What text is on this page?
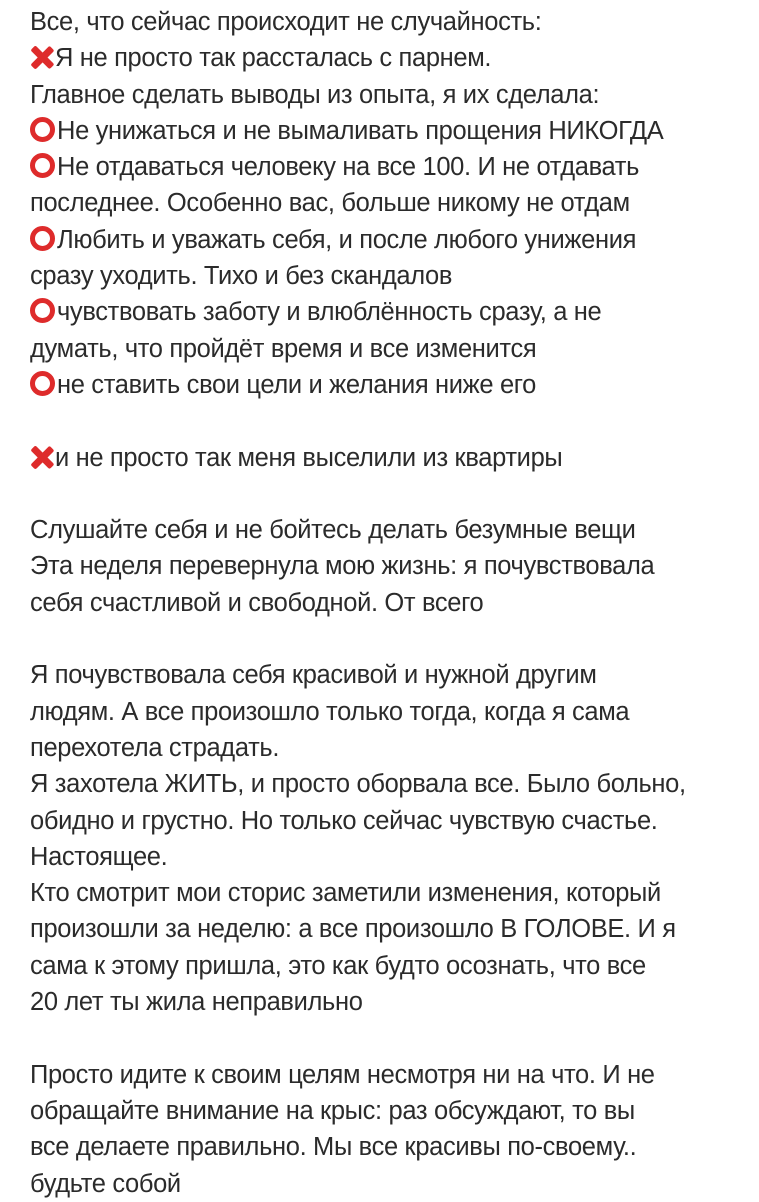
Все, что сейчас происходит не случайность:
Я не просто так рассталась с парнем.
Главное сделать выводы из опыта, я их сделала:
Не унижаться и не вымаливать прощения НИКОГДА
Не отдаваться человеку на все 100. И не отдавать
последнее. Особенно вас, больше никому не отдам
Любить и уважать себя, и после любого унижения
сразу уходить. Тихо и без скандалов
чувствовать заботу и влюблённость сразу, а не
думать, что пройдёт время и все изменится
не ставить свои цели и желания ниже его
и не просто так меня выселили из квартиры
Слушайте себя и не бойтесь делать безумные вещи
Эта неделя перевернула мою жизнь: я почувствовала
себя счастливой и свободной. От всего
Я почувствовала себя красивой и нужной другим
людям. А все произошло только тогда, когда я сама
перехотела страдать.
Я захотела ЖИТЬ, и просто оборвала все. Было больно,
обидно и грустно. Но только сейчас чувствую счастье.
Настоящее.
Кто смотрит мои сторис заметили изменения, который
произошли за неделю: а все произошло В ГОЛОВЕ. И я
сама к этому пришла, это как будто осознать, что все
20 лет ты жила неправильно
Просто идите к своим целям несмотря ни на что. И не
обращайте внимание на крыс: раз обсуждают, то вы
все делаете правильно. Мы все красивы по-своему..
будьте собой
